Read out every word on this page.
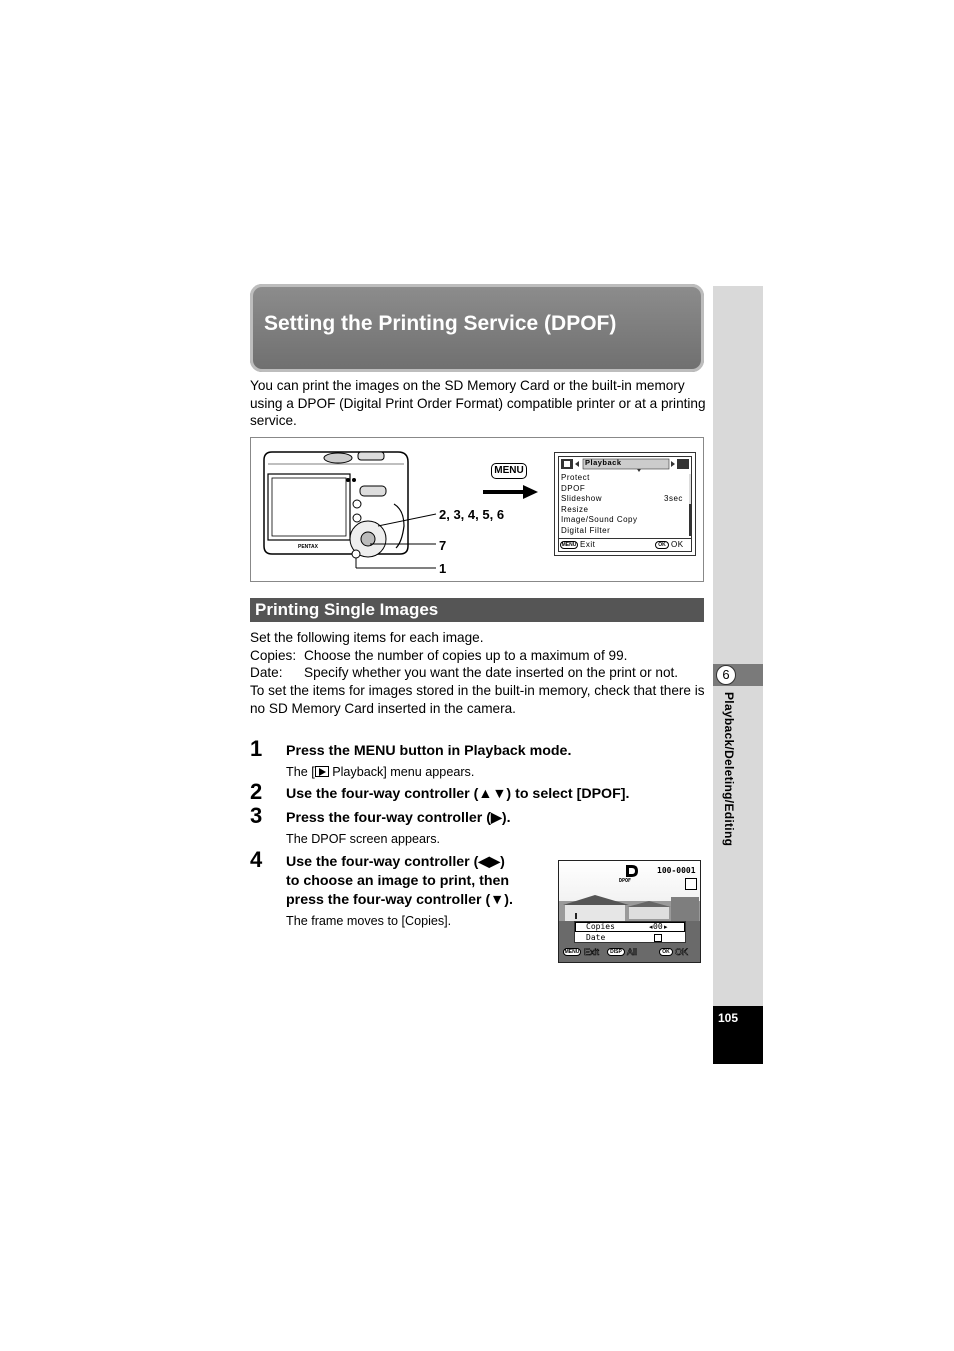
6
Playback/Deleting/Editing
105
Setting the Printing Service (DPOF)
You can print the images on the SD Memory Card or the built-in memory using a DPOF (Digital Print Order Format) compatible printer or at a printing service.
PENTAX
2, 3, 4, 5, 6
7
1
MENU
Playback
Protect
DPOF
Slideshow	3sec
Resize
Image/Sound Copy
Digital Filter
MENU Exit	OK OK
Printing Single Images
Set the following items for each image.
Copies: Choose the number of copies up to a maximum of 99.
Date: Specify whether you want the date inserted on the print or not.
To set the items for images stored in the built-in memory, check that there is no SD Memory Card inserted in the camera.
1 Press the MENU button in Playback mode.
The [
Playback] menu appears.
2 Use the four-way controller (▲▼) to select [DPOF].
3 Press the four-way controller (▶).
The DPOF screen appears.
4 Use the four-way controller (◀▶)
to choose an image to print, then
press the four-way controller (▼).
The frame moves to [Copies].
DPOF
100-0001
Copies	◂ 00 ▸
Date
MENU Exit	DISP All	OK OK
